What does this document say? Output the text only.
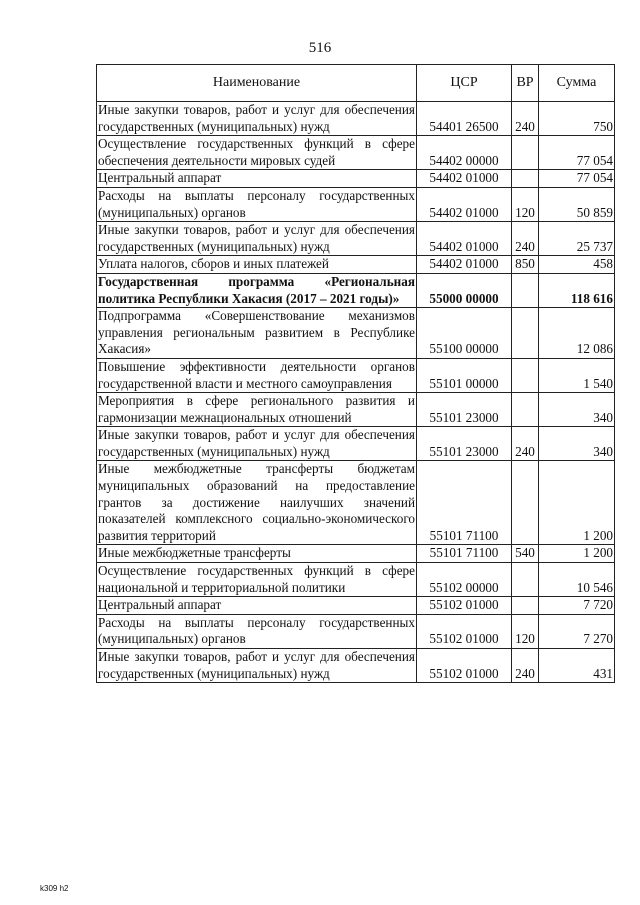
516
Наименование	ЦСР	ВР	Сумма
Иные закупки товаров, работ и услуг для обеспечения государственных (муниципальных) нужд	54401 26500	240	750
Осуществление государственных функций в сфере обеспечения деятельности мировых судей	54402 00000		77 054
Центральный аппарат	54402 01000		77 054
Расходы на выплаты персоналу государственных (муниципальных) органов	54402 01000	120	50 859
Иные закупки товаров, работ и услуг для обеспечения государственных (муниципальных) нужд	54402 01000	240	25 737
Уплата налогов, сборов и иных платежей	54402 01000	850	458
Государственная программа «Региональная политика Республики Хакасия (2017 – 2021 годы)»	55000 00000		118 616
Подпрограмма «Совершенствование механизмов управления региональным развитием в Республике Хакасия»	55100 00000		12 086
Повышение эффективности деятельности органов государственной власти и местного самоуправления	55101 00000		1 540
Мероприятия в сфере регионального развития и гармонизации межнациональных отношений	55101 23000		340
Иные закупки товаров, работ и услуг для обеспечения государственных (муниципальных) нужд	55101 23000	240	340
Иные межбюджетные трансферты бюджетам муниципальных образований на предоставление грантов за достижение наилучших значений показателей комплексного социально-экономического развития территорий	55101 71100		1 200
Иные межбюджетные трансферты	55101 71100	540	1 200
Осуществление государственных функций в сфере национальной и территориальной политики	55102 00000		10 546
Центральный аппарат	55102 01000		7 720
Расходы на выплаты персоналу государственных (муниципальных) органов	55102 01000	120	7 270
Иные закупки товаров, работ и услуг для обеспечения государственных (муниципальных) нужд	55102 01000	240	431
k309 h2
